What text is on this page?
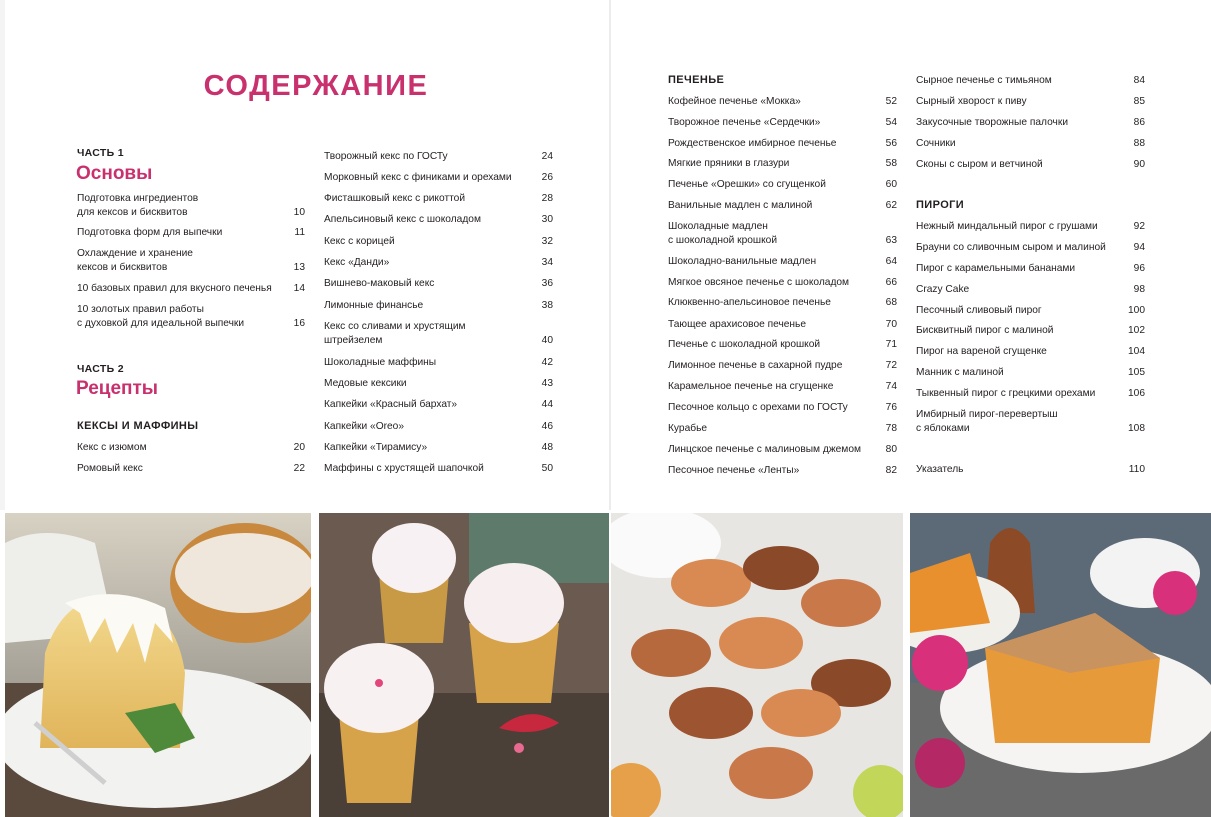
СОДЕРЖАНИЕ
ЧАСТЬ 1
Основы
ЧАСТЬ 2
Рецепты
КЕКСЫ И МАФФИНЫ
ПЕЧЕНЬЕ
ПИРОГИ
Подготовка ингредиентов
для кексов и бисквитов	10
Подготовка форм для выпечки	11
Охлаждение и хранение
кексов и бисквитов	13
10 базовых правил для вкусного печенья	14
10 золотых правил работы
с духовкой для идеальной выпечки	16
Кекс с изюмом	20
Ромовый кекс	22
Творожный кекс по ГОСТу	24
Морковный кекс с финиками и орехами	26
Фисташковый кекс с рикоттой	28
Апельсиновый кекс с шоколадом	30
Кекс с корицей	32
Кекс «Данди»	34
Вишнево-маковый кекс	36
Лимонные финансье	38
Кекс со сливами и хрустящим
штрейзелем	40
Шоколадные маффины	42
Медовые кексики	43
Капкейки «Красный бархат»	44
Капкейки «Oreo»	46
Капкейки «Тирамису»	48
Маффины с хрустящей шапочкой	50
Кофейное печенье «Мокка»	52
Творожное печенье «Сердечки»	54
Рождественское имбирное печенье	56
Мягкие пряники в глазури	58
Печенье «Орешки» со сгущенкой	60
Ванильные мадлен с малиной	62
Шоколадные мадлен
с шоколадной крошкой	63
Шоколадно-ванильные мадлен	64
Мягкое овсяное печенье с шоколадом	66
Клюквенно-апельсиновое печенье	68
Тающее арахисовое печенье	70
Печенье с шоколадной крошкой	71
Лимонное печенье в сахарной пудре	72
Карамельное печенье на сгущенке	74
Песочное кольцо с орехами по ГОСТу	76
Курабье	78
Линцское печенье с малиновым джемом	80
Песочное печенье «Ленты»	82
Сырное печенье с тимьяном	84
Сырный хворост к пиву	85
Закусочные творожные палочки	86
Сочники	88
Сконы с сыром и ветчиной	90
Нежный миндальный пирог с грушами	92
Брауни со сливочным сыром и малиной	94
Пирог с карамельными бананами	96
Crazy Cake	98
Песочный сливовый пирог	100
Бисквитный пирог с малиной	102
Пирог на вареной сгущенке	104
Манник с малиной	105
Тыквенный пирог с грецкими орехами	106
Имбирный пирог-перевертыш
с яблоками	108
Указатель	110
